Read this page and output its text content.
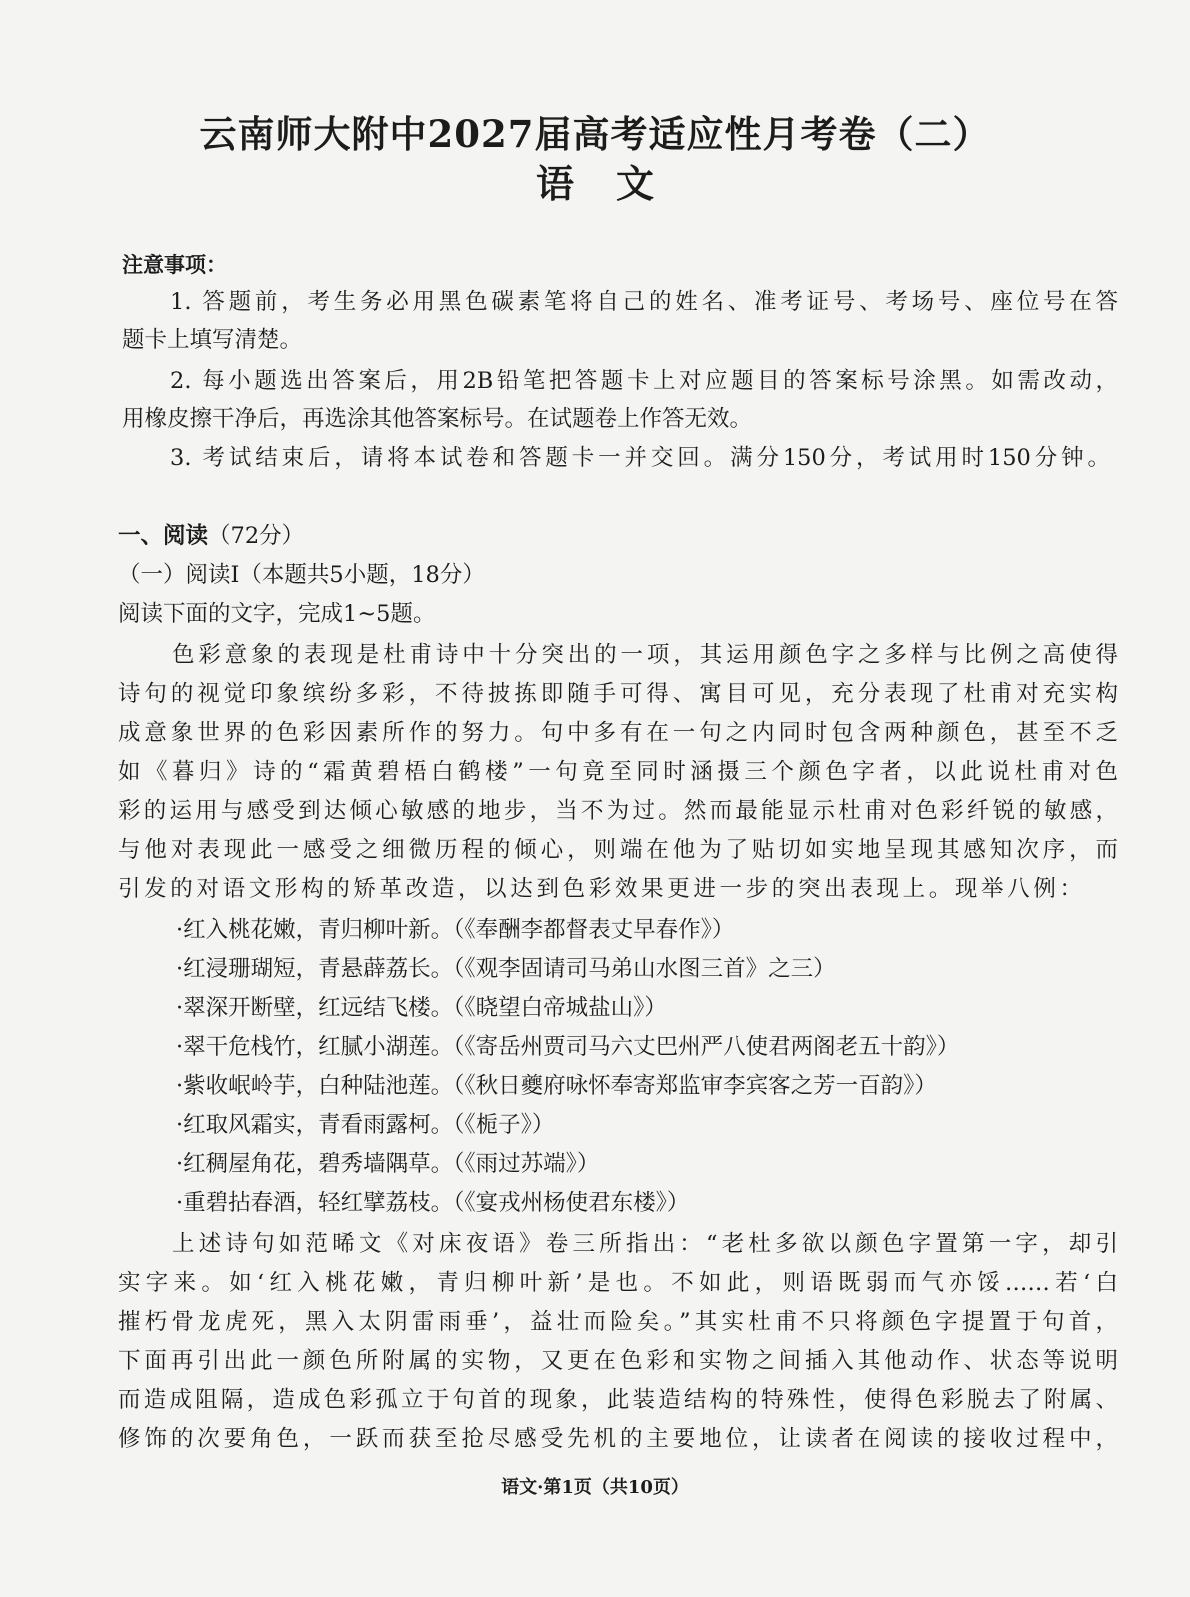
云南师大附中2027届高考适应性月考卷（二）
语文
注意事项：
1. 答题前，考生务必用黑色碳素笔将自己的姓名、准考证号、考场号、座位号在答
题卡上填写清楚。
2. 每小题选出答案后，用2B铅笔把答题卡上对应题目的答案标号涂黑。如需改动，
用橡皮擦干净后，再选涂其他答案标号。在试题卷上作答无效。
3. 考试结束后，请将本试卷和答题卡一并交回。满分150分，考试用时150分钟。
一、阅读（72分）
（一）阅读Ⅰ（本题共5小题，18分）
阅读下面的文字，完成1~5题。
色彩意象的表现是杜甫诗中十分突出的一项，其运用颜色字之多样与比例之高使得
诗句的视觉印象缤纷多彩，不待披拣即随手可得、寓目可见，充分表现了杜甫对充实构
成意象世界的色彩因素所作的努力。句中多有在一句之内同时包含两种颜色，甚至不乏
如《暮归》诗的“霜黄碧梧白鹤楼”一句竟至同时涵摄三个颜色字者，以此说杜甫对色
彩的运用与感受到达倾心敏感的地步，当不为过。然而最能显示杜甫对色彩纤锐的敏感，
与他对表现此一感受之细微历程的倾心，则端在他为了贴切如实地呈现其感知次序，而
引发的对语文形构的矫革改造，以达到色彩效果更进一步的突出表现上。现举八例：
·红入桃花嫩，青归柳叶新。（《奉酬李都督表丈早春作》）
·红浸珊瑚短，青悬薜荔长。（《观李固请司马弟山水图三首》之三）
·翠深开断壁，红远结飞楼。（《晓望白帝城盐山》）
·翠干危栈竹，红腻小湖莲。（《寄岳州贾司马六丈巴州严八使君两阁老五十韵》）
·紫收岷岭芋，白种陆池莲。（《秋日夔府咏怀奉寄郑监审李宾客之芳一百韵》）
·红取风霜实，青看雨露柯。（《栀子》）
·红稠屋角花，碧秀墙隅草。（《雨过苏端》）
·重碧拈春酒，轻红擘荔枝。（《宴戎州杨使君东楼》）
上述诗句如范晞文《对床夜语》卷三所指出：“老杜多欲以颜色字置第一字，却引
实字来。如‘红入桃花嫩，青归柳叶新’是也。不如此，则语既弱而气亦馁……若‘白
摧朽骨龙虎死，黑入太阴雷雨垂’，益壮而险矣。”其实杜甫不只将颜色字提置于句首，
下面再引出此一颜色所附属的实物，又更在色彩和实物之间插入其他动作、状态等说明
而造成阻隔，造成色彩孤立于句首的现象，此装造结构的特殊性，使得色彩脱去了附属、
修饰的次要角色，一跃而获至抢尽感受先机的主要地位，让读者在阅读的接收过程中，
语文·第1页（共10页）
